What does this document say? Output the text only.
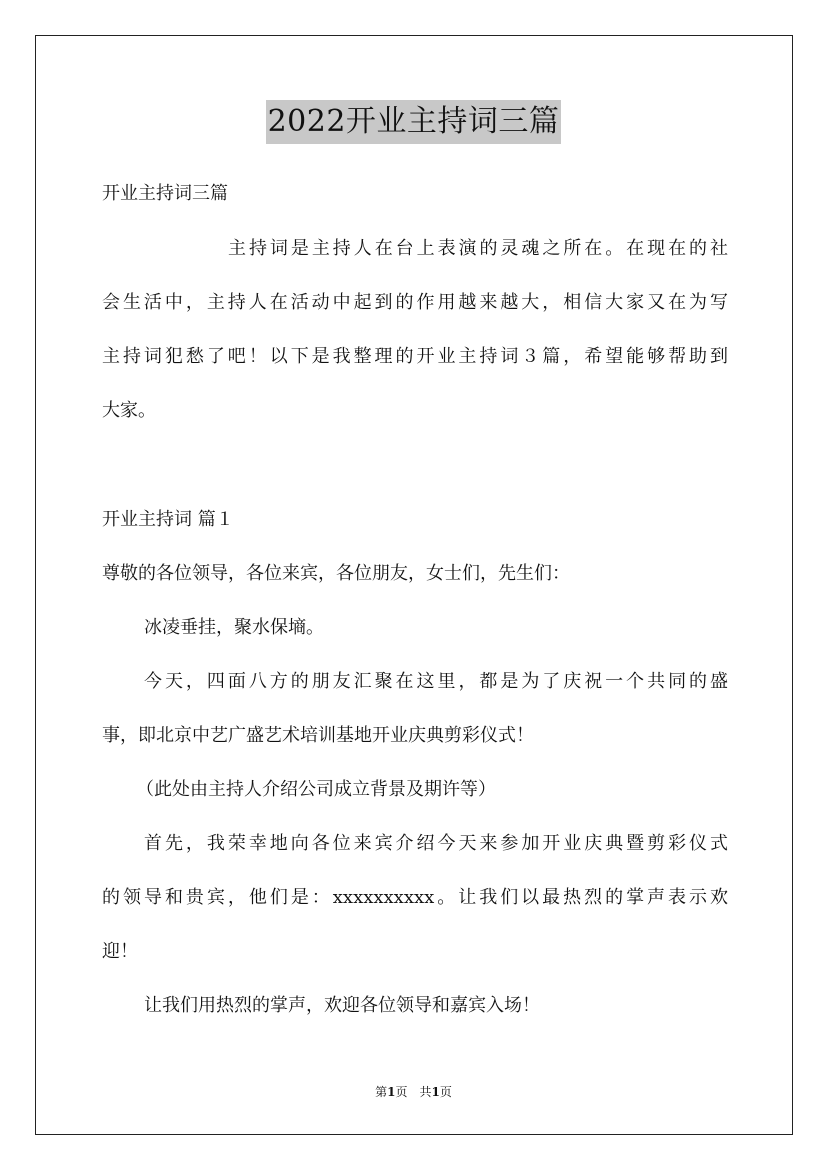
2022开业主持词三篇
开业主持词三篇
主持词是主持人在台上表演的灵魂之所在。在现在的社
会生活中，主持人在活动中起到的作用越来越大，相信大家又在为写
主持词犯愁了吧！以下是我整理的开业主持词３篇，希望能够帮助到
大家。
开业主持词 篇１
尊敬的各位领导，各位来宾，各位朋友，女士们，先生们：
冰凌垂挂，聚水保墒。
今天，四面八方的朋友汇聚在这里，都是为了庆祝一个共同的盛
事，即北京中艺广盛艺术培训基地开业庆典剪彩仪式！
（此处由主持人介绍公司成立背景及期许等）
首先，我荣幸地向各位来宾介绍今天来参加开业庆典暨剪彩仪式
的领导和贵宾，他们是：xxxxxxxxxx。让我们以最热烈的掌声表示欢
迎！
让我们用热烈的掌声，欢迎各位领导和嘉宾入场！
第1页　共1页
